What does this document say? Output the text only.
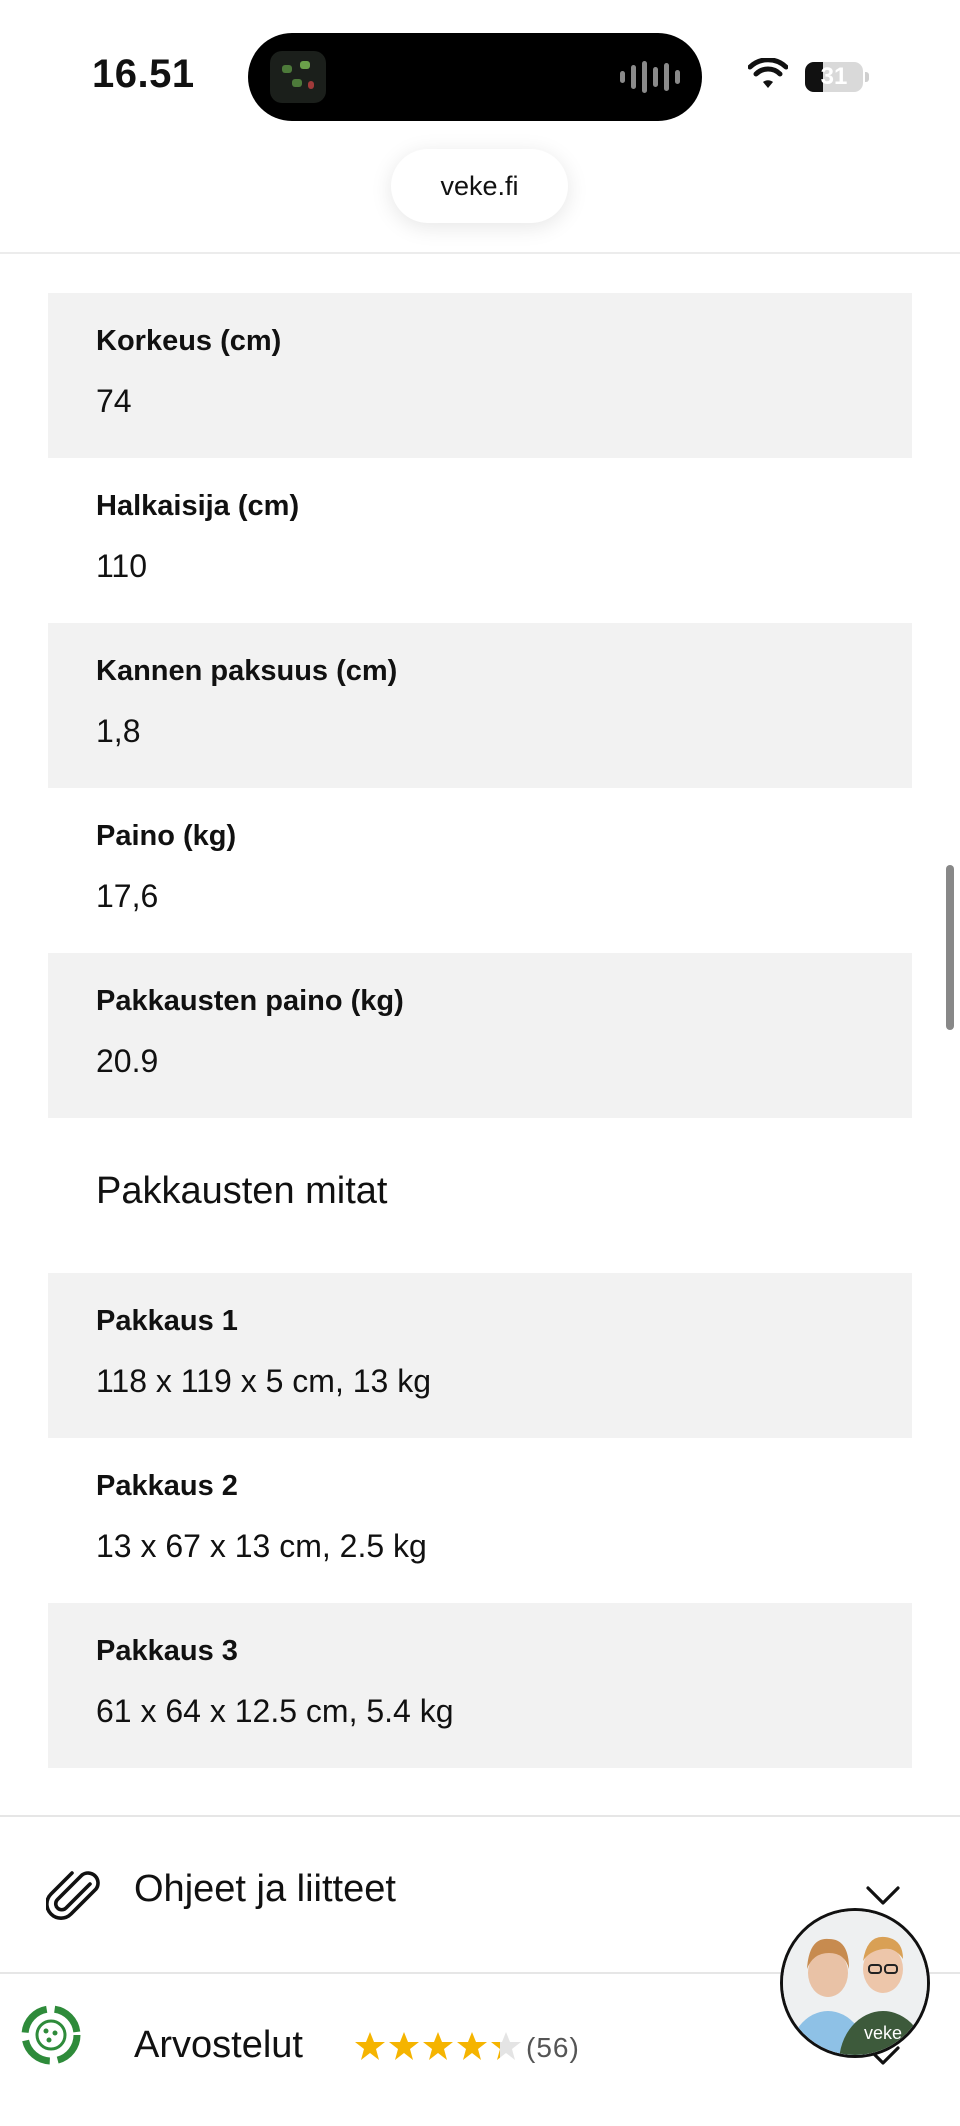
16.51	31
veke.fi
Korkeus (cm)
74
Halkaisija (cm)
110
Kannen paksuus (cm)
1,8
Paino (kg)
17,6
Pakkausten paino (kg)
20.9
Pakkausten mitat
Pakkaus 1
118 x 119 x 5 cm, 13 kg
Pakkaus 2
13 x 67 x 13 cm, 2.5 kg
Pakkaus 3
61 x 64 x 12.5 cm, 5.4 kg
Ohjeet ja liitteet
Arvostelut	(56)	veke
